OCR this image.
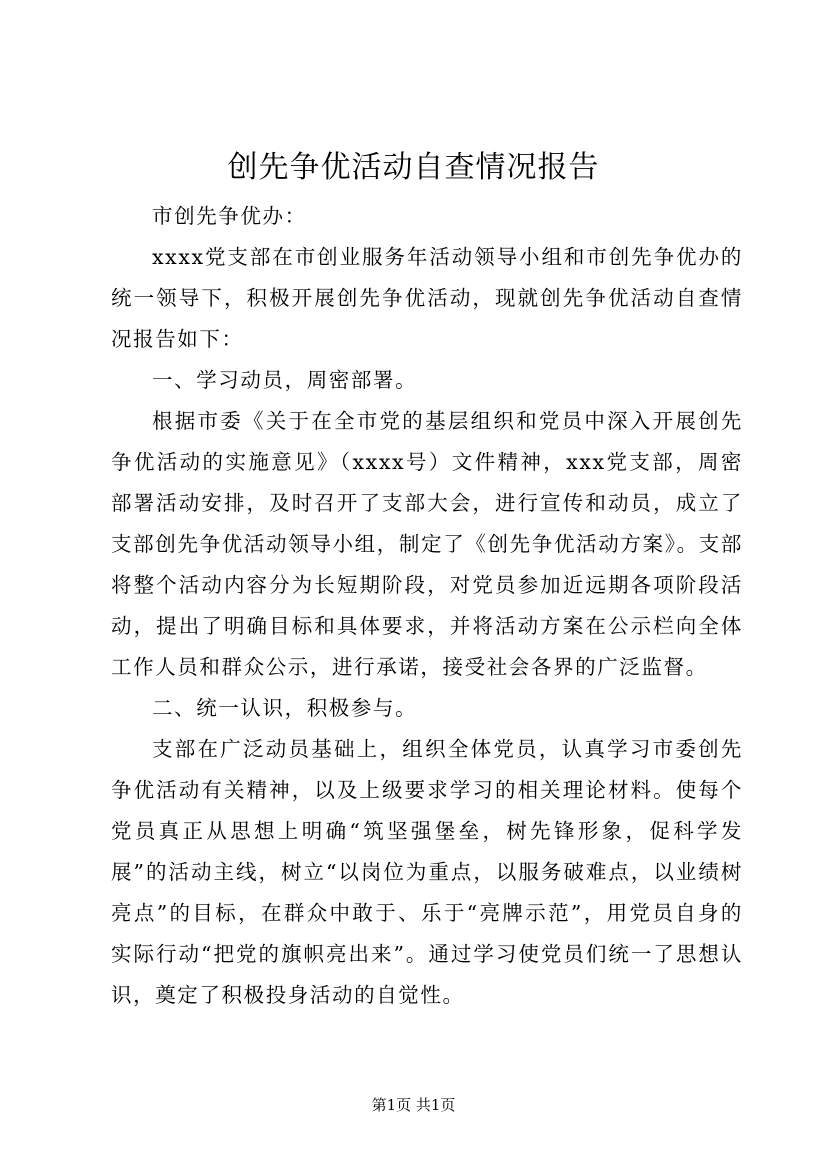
创先争优活动自查情况报告

市创先争优办：

xxxx党支部在市创业服务年活动领导小组和市创先争优办的统一领导下，积极开展创先争优活动，现就创先争优活动自查情况报告如下：

一、学习动员，周密部署。

根据市委《关于在全市党的基层组织和党员中深入开展创先争优活动的实施意见》（xxxx号）文件精神，xxx党支部，周密部署活动安排，及时召开了支部大会，进行宣传和动员，成立了支部创先争优活动领导小组，制定了《创先争优活动方案》。支部将整个活动内容分为长短期阶段，对党员参加近远期各项阶段活动，提出了明确目标和具体要求，并将活动方案在公示栏向全体工作人员和群众公示，进行承诺，接受社会各界的广泛监督。

二、统一认识，积极参与。

支部在广泛动员基础上，组织全体党员，认真学习市委创先争优活动有关精神，以及上级要求学习的相关理论材料。使每个党员真正从思想上明确“筑坚强堡垒，树先锋形象，促科学发展”的活动主线，树立“以岗位为重点，以服务破难点，以业绩树亮点”的目标，在群众中敢于、乐于“亮牌示范”，用党员自身的实际行动“把党的旗帜亮出来”。通过学习使党员们统一了思想认识，奠定了积极投身活动的自觉性。

第1页 共1页
